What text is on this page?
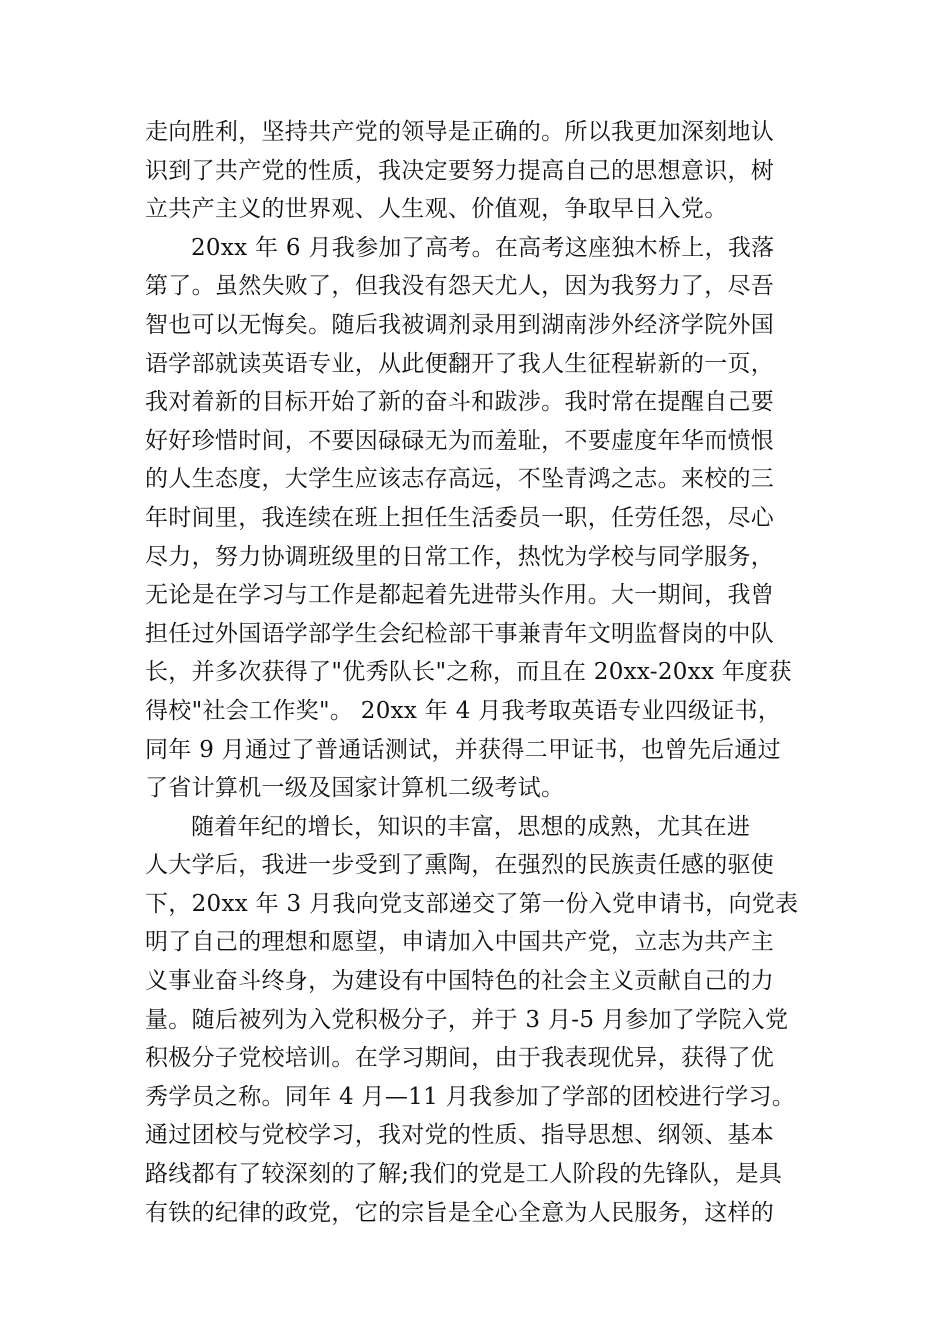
走向胜利，坚持共产党的领导是正确的。所以我更加深刻地认
识到了共产党的性质，我决定要努力提高自己的思想意识，树
立共产主义的世界观、人生观、价值观，争取早日入党。

20xx 年 6 月我参加了高考。在高考这座独木桥上，我落
第了。虽然失败了，但我没有怨天尤人，因为我努力了，尽吾
智也可以无悔矣。随后我被调剂录用到湖南涉外经济学院外国
语学部就读英语专业，从此便翻开了我人生征程崭新的一页，
我对着新的目标开始了新的奋斗和跋涉。我时常在提醒自己要
好好珍惜时间，不要因碌碌无为而羞耻，不要虚度年华而愤恨
的人生态度，大学生应该志存高远，不坠青鸿之志。来校的三
年时间里，我连续在班上担任生活委员一职，任劳任怨，尽心
尽力，努力协调班级里的日常工作，热忱为学校与同学服务，
无论是在学习与工作是都起着先进带头作用。大一期间，我曾
担任过外国语学部学生会纪检部干事兼青年文明监督岗的中队
长，并多次获得了"优秀队长"之称，而且在 20xx-20xx 年度获
得校"社会工作奖"。 20xx 年 4 月我考取英语专业四级证书，
同年 9 月通过了普通话测试，并获得二甲证书，也曾先后通过
了省计算机一级及国家计算机二级考试。

随着年纪的增长，知识的丰富，思想的成熟，尤其在进
人大学后，我进一步受到了熏陶，在强烈的民族责任感的驱使
下，20xx 年 3 月我向党支部递交了第一份入党申请书，向党表
明了自己的理想和愿望，申请加入中国共产党，立志为共产主
义事业奋斗终身，为建设有中国特色的社会主义贡献自己的力
量。随后被列为入党积极分子，并于 3 月-5 月参加了学院入党
积极分子党校培训。在学习期间，由于我表现优异，获得了优
秀学员之称。同年 4 月—11 月我参加了学部的团校进行学习。
通过团校与党校学习，我对党的性质、指导思想、纲领、基本
路线都有了较深刻的了解;我们的党是工人阶段的先锋队，是具
有铁的纪律的政党，它的宗旨是全心全意为人民服务，这样的
